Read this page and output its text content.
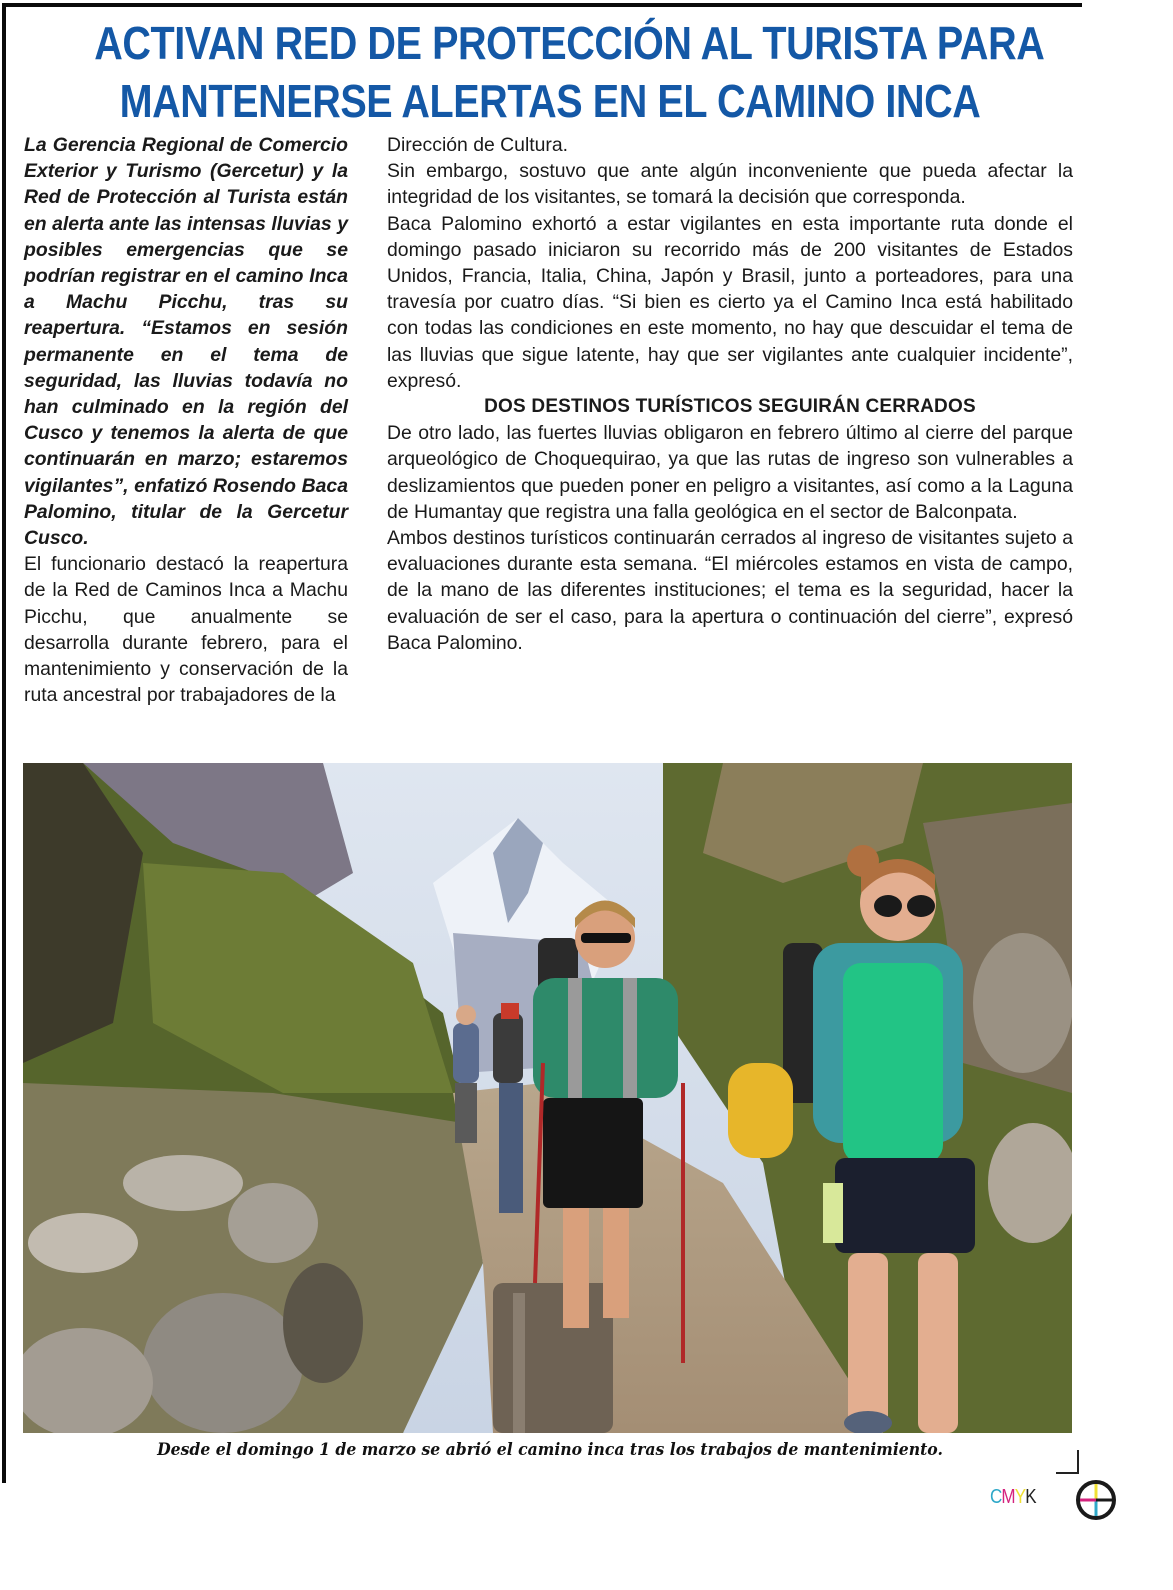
ACTIVAN RED DE PROTECCIÓN AL TURISTA PARA
MANTENERSE ALERTAS EN EL CAMINO INCA

La Gerencia Regional de Comercio Exterior y Turismo (Gercetur) y la Red de Protección al Turista están en alerta ante las intensas lluvias y posibles emergencias que se podrían registrar en el camino Inca a Machu Picchu, tras su reapertura. “Estamos en sesión permanente en el tema de seguridad, las lluvias todavía no han culminado en la región del Cusco y tenemos la alerta de que continuarán en marzo; estaremos vigilantes”, enfatizó Rosendo Baca Palomino, titular de la Gercetur Cusco.

El funcionario destacó la reapertura de la Red de Caminos Inca a Machu Picchu, que anualmente se desarrolla durante febrero, para el mantenimiento y conservación de la ruta ancestral por trabajadores de la

Dirección de Cultura.

Sin embargo, sostuvo que ante algún inconveniente que pueda afectar la integridad de los visitantes, se tomará la decisión que corresponda.

Baca Palomino exhortó a estar vigilantes en esta importante ruta donde el domingo pasado iniciaron su recorrido más de 200 visitantes de Estados Unidos, Francia, Italia, China, Japón y Brasil, junto a porteadores, para una travesía por cuatro días. “Si bien es cierto ya el Camino Inca está habilitado con todas las condiciones en este momento, no hay que descuidar el tema de las lluvias que sigue latente, hay que ser vigilantes ante cualquier incidente”, expresó.

DOS DESTINOS TURÍSTICOS SEGUIRÁN CERRADOS

De otro lado, las fuertes lluvias obligaron en febrero último al cierre del parque arqueológico de Choquequirao, ya que las rutas de ingreso son vulnerables a deslizamientos que pueden poner en peligro a visitantes, así como a la Laguna de Humantay que registra una falla geológica en el sector de Balconpata.

Ambos destinos turísticos continuarán cerrados al ingreso de visitantes sujeto a evaluaciones durante esta semana. “El miércoles estamos en vista de campo, de la mano de las diferentes instituciones; el tema es la seguridad, hacer la evaluación de ser el caso, para la apertura o continuación del cierre”, expresó Baca Palomino.

Desde el domingo 1 de marzo se abrió el camino inca tras los trabajos de mantenimiento.
CMYK
